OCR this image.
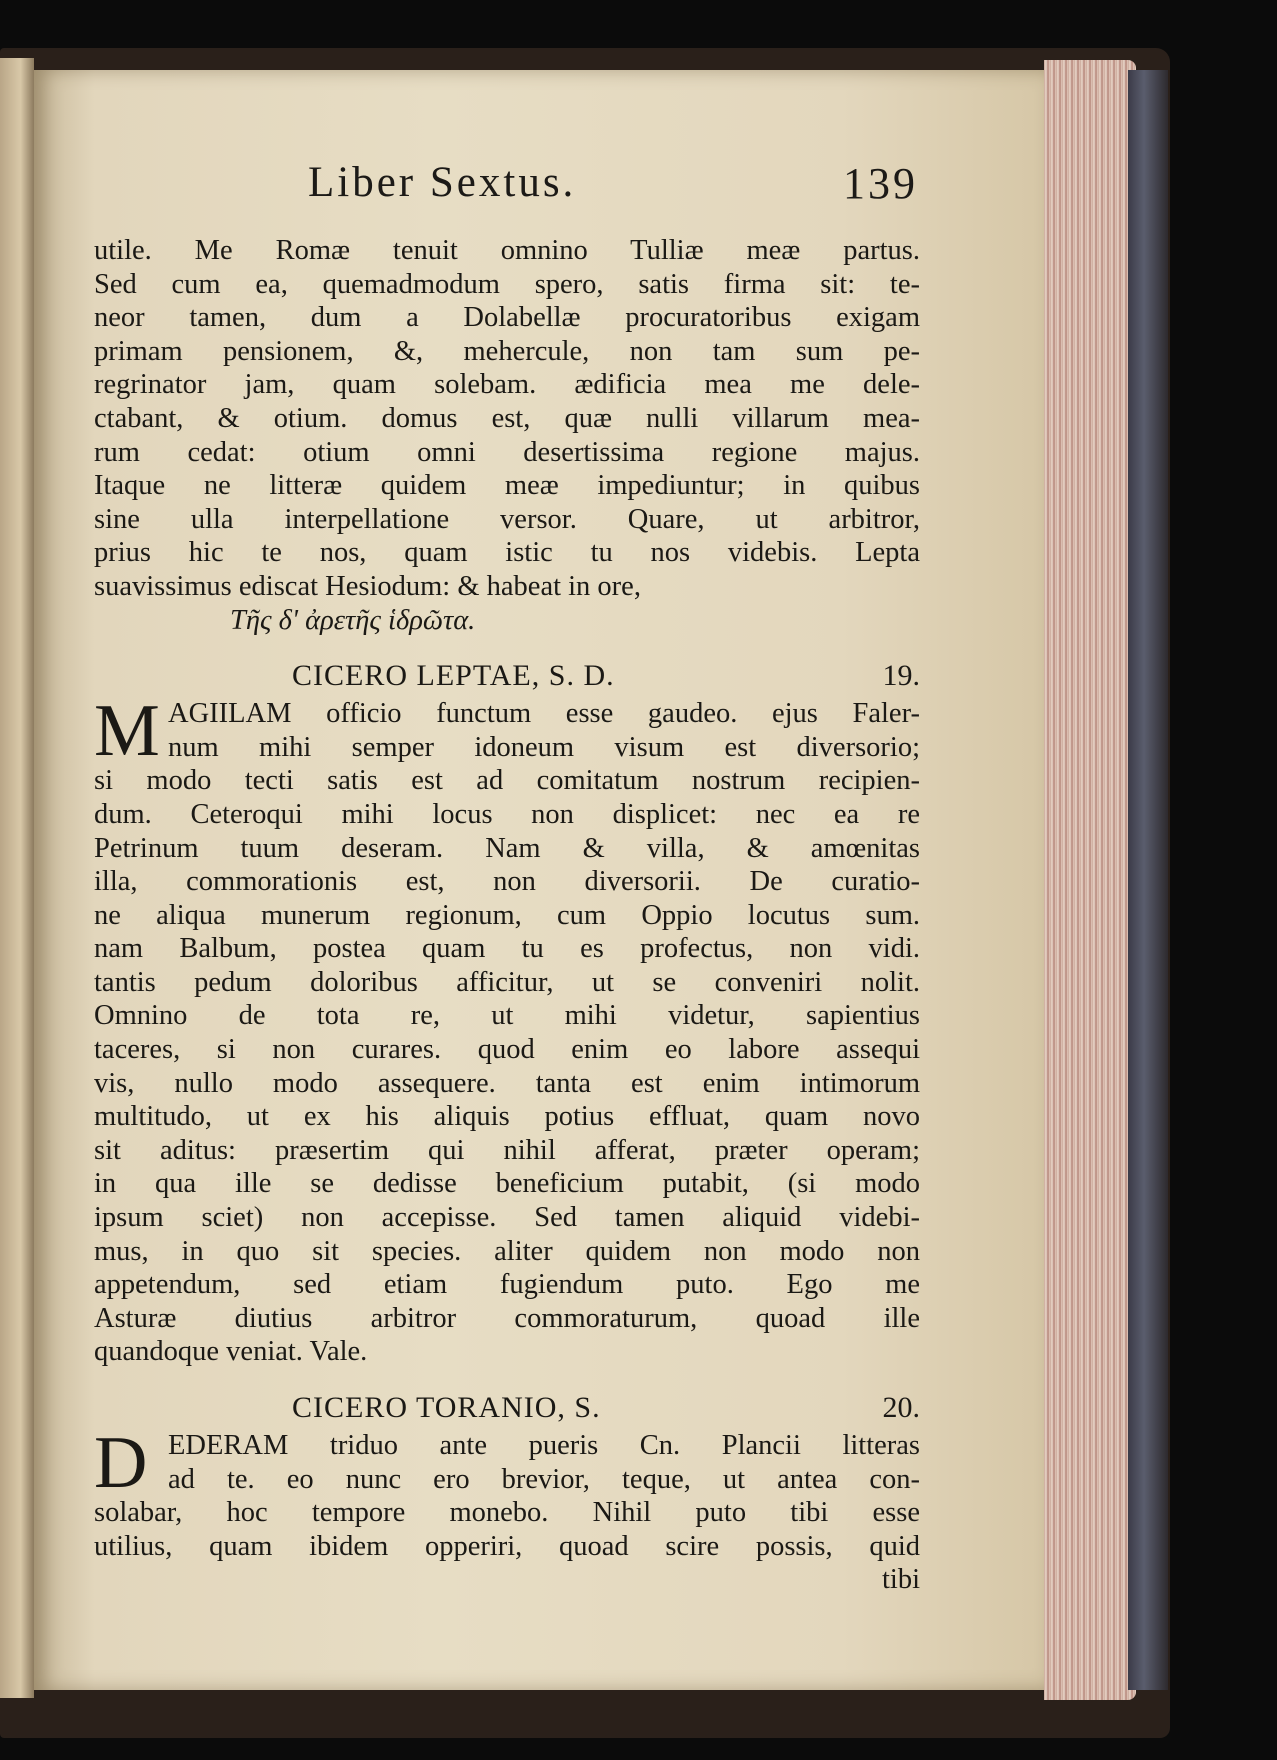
Liber Sextus.	139
utile. Me Romæ tenuit omnino Tulliæ meæ partus.
Sed cum ea, quemadmodum spero, satis firma sit: te-
neor tamen, dum a Dolabellæ procuratoribus exigam
primam pensionem, &, mehercule, non tam sum pe-
regrinator jam, quam solebam. ædificia mea me dele-
ctabant, & otium. domus est, quæ nulli villarum mea-
rum cedat: otium omni desertissima regione majus.
Itaque ne litteræ quidem meæ impediuntur; in quibus
sine ulla interpellatione versor. Quare, ut arbitror,
prius hic te nos, quam istic tu nos videbis. Lepta
suavissimus ediscat Hesiodum: & habeat in ore,
Τῆς δ' ἀρετῆς ἱδρῶτα.
CICERO LEPTAE, S. D.	19.
M AGIILAM officio functum esse gaudeo. ejus Faler-
num mihi semper idoneum visum est diversorio;
si modo tecti satis est ad comitatum nostrum recipien-
dum. Ceteroqui mihi locus non displicet: nec ea re
Petrinum tuum deseram. Nam & villa, & amœnitas
illa, commorationis est, non diversorii. De curatio-
ne aliqua munerum regionum, cum Oppio locutus sum.
nam Balbum, postea quam tu es profectus, non vidi.
tantis pedum doloribus afficitur, ut se conveniri nolit.
Omnino de tota re, ut mihi videtur, sapientius
taceres, si non curares. quod enim eo labore assequi
vis, nullo modo assequere. tanta est enim intimorum
multitudo, ut ex his aliquis potius effluat, quam novo
sit aditus: præsertim qui nihil afferat, præter operam;
in qua ille se dedisse beneficium putabit, (si modo
ipsum sciet) non accepisse. Sed tamen aliquid videbi-
mus, in quo sit species. aliter quidem non modo non
appetendum, sed etiam fugiendum puto. Ego me
Asturæ diutius arbitror commoraturum, quoad ille
quandoque veniat. Vale.
CICERO TORANIO, S.	20.
D EDERAM triduo ante pueris Cn. Plancii litteras
ad te. eo nunc ero brevior, teque, ut antea con-
solabar, hoc tempore monebo. Nihil puto tibi esse
utilius, quam ibidem opperiri, quoad scire possis, quid
tibi
